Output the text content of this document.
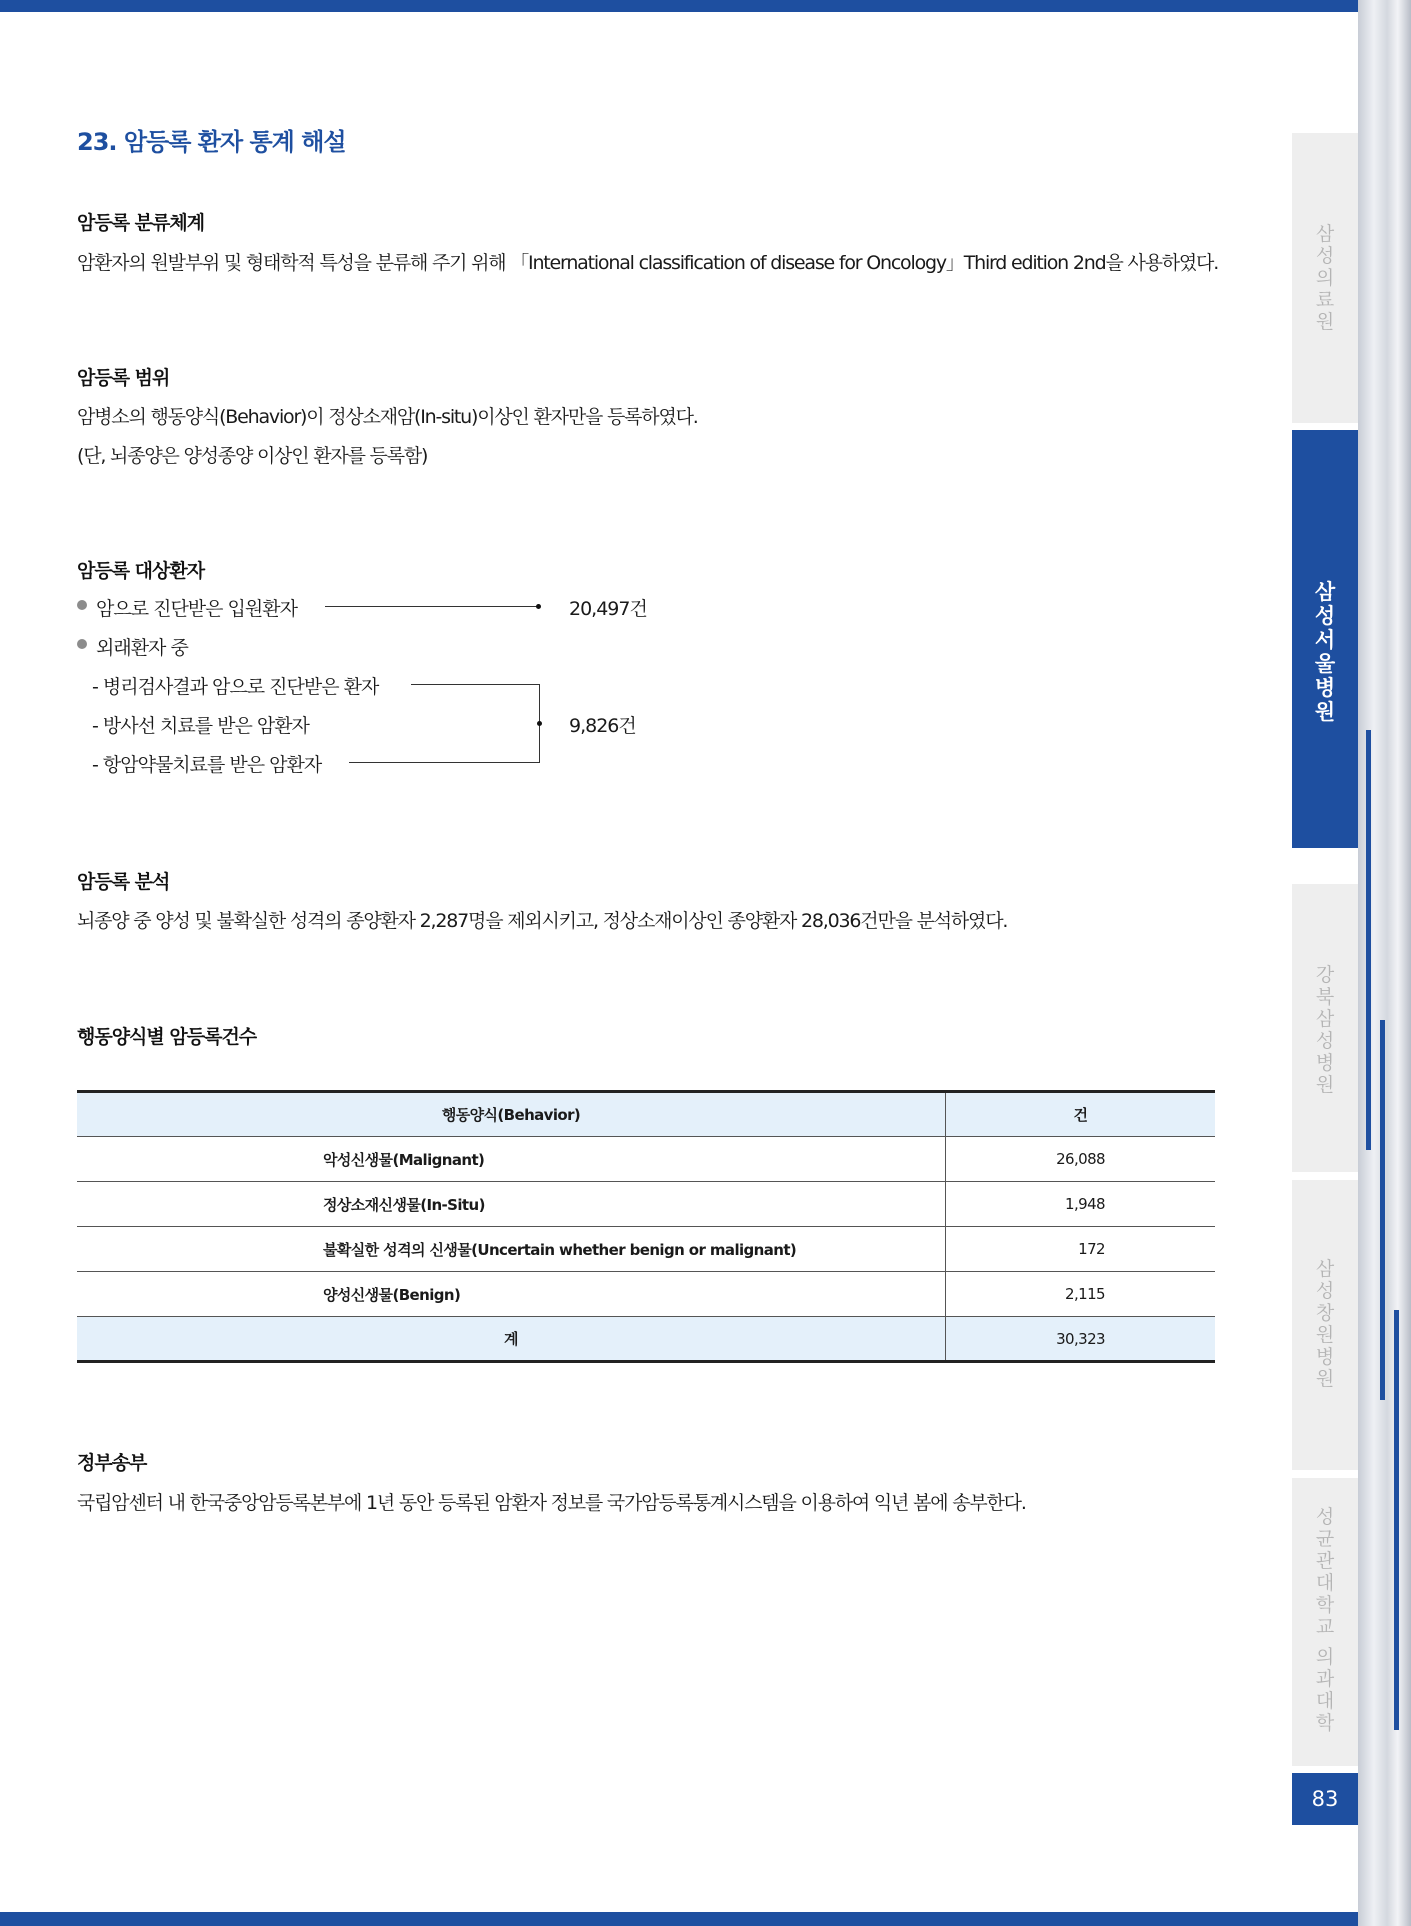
23. 암등록 환자 통계 해설
암등록 분류체계
암환자의 원발부위 및 형태학적 특성을 분류해 주기 위해 「International classification of disease for Oncology」Third edition 2nd을 사용하였다.
암등록 범위
암병소의 행동양식(Behavior)이 정상소재암(In-situ)이상인 환자만을 등록하였다.
(단, 뇌종양은 양성종양 이상인 환자를 등록함)
암등록 대상환자
암으로 진단받은 입원환자	20,497건
외래환자 중
- 병리검사결과 암으로 진단받은 환자
- 방사선 치료를 받은 암환자
- 항암약물치료를 받은 암환자
9,826건
암등록 분석
뇌종양 중 양성 및 불확실한 성격의 종양환자 2,287명을 제외시키고, 정상소재이상인 종양환자 28,036건만을 분석하였다.
행동양식별 암등록건수
행동양식(Behavior)	건
악성신생물(Malignant)	26,088
정상소재신생물(In-Situ)	1,948
불확실한 성격의 신생물(Uncertain whether benign or malignant)	172
양성신생물(Benign)	2,115
계	30,323
정부송부
국립암센터 내 한국중앙암등록본부에 1년 동안 등록된 암환자 정보를 국가암등록통계시스템을 이용하여 익년 봄에 송부한다.
삼
성
의
료
원
삼
성
서
울
병
원
강
북
삼
성
병
원
삼
성
창
원
병
원
성
균
관
대
학
교

의
과
대
학
83
